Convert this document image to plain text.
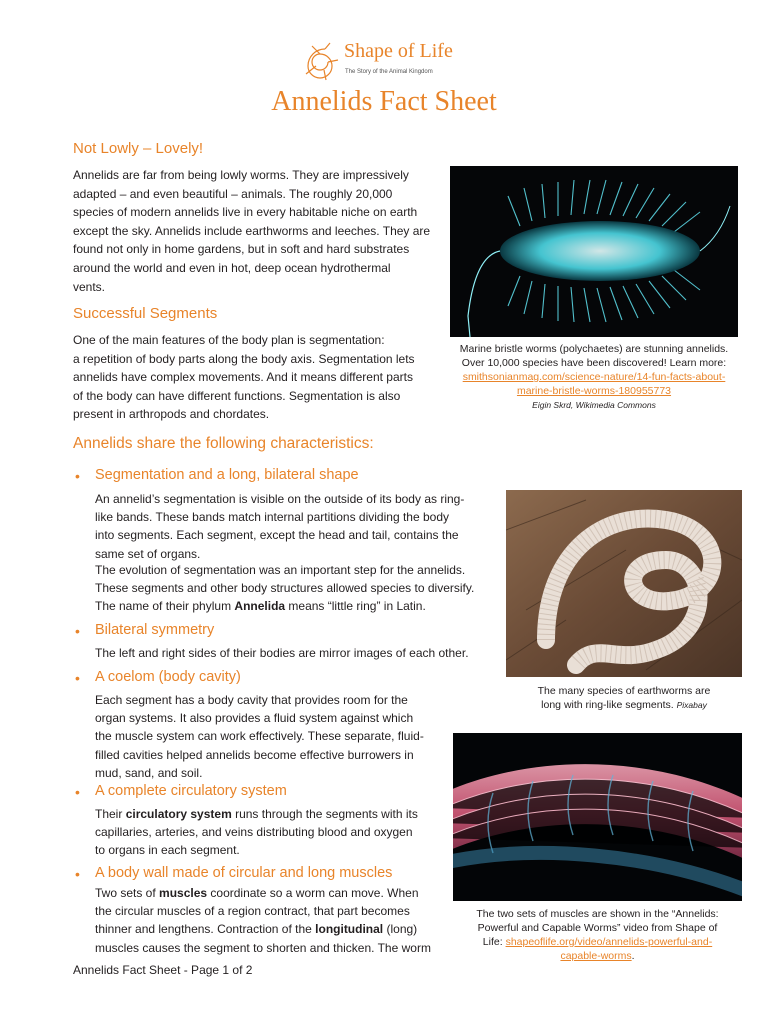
Shape of Life
The Story of the Animal Kingdom
Annelids Fact Sheet
Not Lowly – Lovely!
Annelids are far from being lowly worms. They are impressively
adapted – and even beautiful – animals. The roughly 20,000
species of modern annelids live in every habitable niche on earth
except the sky. Annelids include earthworms and leeches. They are
found not only in home gardens, but in soft and hard substrates
around the world and even in hot, deep ocean hydrothermal
vents.
Successful Segments
One of the main features of the body plan is segmentation:
a repetition of body parts along the body axis. Segmentation lets
annelids have complex movements. And it means different parts
of the body can have different functions. Segmentation is also
present in arthropods and chordates.
Annelids share the following characteristics:
• Segmentation and a long, bilateral shape
An annelid’s segmentation is visible on the outside of its body as ring-
like bands. These bands match internal partitions dividing the body
into segments. Each segment, except the head and tail, contains the
same set of organs.
The evolution of segmentation was an important step for the annelids.
These segments and other body structures allowed species to diversify.
The name of their phylum Annelida means “little ring” in Latin.
• Bilateral symmetry
The left and right sides of their bodies are mirror images of each other.
• A coelom (body cavity)
Each segment has a body cavity that provides room for the
organ systems. It also provides a fluid system against which
the muscle system can work effectively. These separate, fluid-
filled cavities helped annelids become effective burrowers in
mud, sand, and soil.
• A complete circulatory system
Their circulatory system runs through the segments with its
capillaries, arteries, and veins distributing blood and oxygen
to organs in each segment.
• A body wall made of circular and long muscles
Two sets of muscles coordinate so a worm can move. When
the circular muscles of a region contract, that part becomes
thinner and lengthens. Contraction of the longitudinal (long)
muscles causes the segment to shorten and thicken. The worm
Marine bristle worms (polychaetes) are stunning annelids.
Over 10,000 species have been discovered! Learn more:
smithsonianmag.com/science-nature/14-fun-facts-about-
marine-bristle-worms-180955773
Eigin Skrd, Wikimedia Commons
The many species of earthworms are
long with ring-like segments. Pixabay
The two sets of muscles are shown in the “Annelids:
Powerful and Capable Worms” video from Shape of
Life: shapeoflife.org/video/annelids-powerful-and-
capable-worms.
Annelids Fact Sheet - Page 1 of 2
